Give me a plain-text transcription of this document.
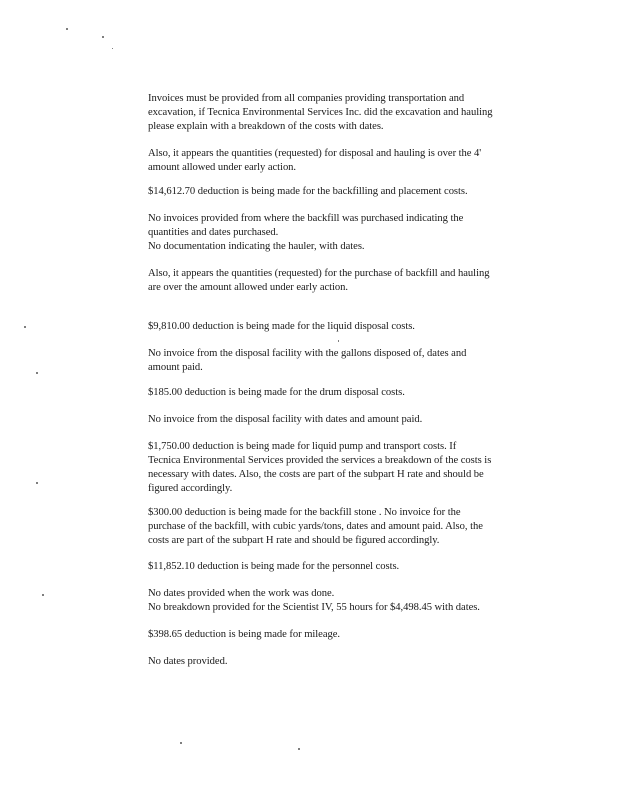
Invoices must be provided from all companies providing transportation and
excavation, if Tecnica Environmental Services Inc. did the excavation and hauling
please explain with a breakdown of the costs with dates.

Also, it appears the quantities (requested) for disposal and hauling is over the 4'
amount allowed under early action.

$14,612.70 deduction is being made for the backfilling and placement costs.

No invoices provided from where the backfill was purchased indicating the
quantities and dates purchased.
No documentation indicating the hauler, with dates.

Also, it appears the quantities (requested) for the purchase of backfill and hauling
are over the amount allowed under early action.

$9,810.00 deduction is being made for the liquid disposal costs.

No invoice from the disposal facility with the gallons disposed of, dates and
amount paid.

$185.00 deduction is being made for the drum disposal costs.

No invoice from the disposal facility with dates and amount paid.

$1,750.00 deduction is being made for liquid pump and transport costs. If
Tecnica Environmental Services provided the services a breakdown of the costs is
necessary with dates. Also, the costs are part of the subpart H rate and should be
figured accordingly.

$300.00 deduction is being made for the backfill stone . No invoice for the
purchase of the backfill, with cubic yards/tons, dates and amount paid. Also, the
costs are part of the subpart H rate and should be figured accordingly.

$11,852.10 deduction is being made for the personnel costs.

No dates provided when the work was done.
No breakdown provided for the Scientist IV, 55 hours for $4,498.45 with dates.

$398.65 deduction is being made for mileage.

No dates provided.
